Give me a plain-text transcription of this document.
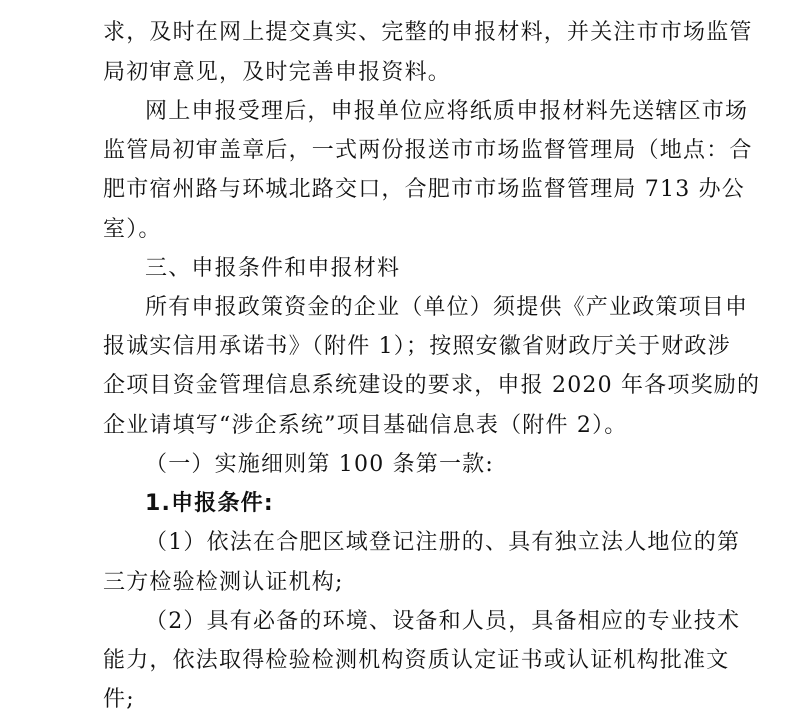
求，及时在网上提交真实、完整的申报材料，并关注市市场监管
局初审意见，及时完善申报资料。
网上申报受理后，申报单位应将纸质申报材料先送辖区市场
监管局初审盖章后，一式两份报送市市场监督管理局（地点：合
肥市宿州路与环城北路交口，合肥市市场监督管理局 713 办公
室）。
三、申报条件和申报材料
所有申报政策资金的企业（单位）须提供《产业政策项目申
报诚实信用承诺书》（附件 1）；按照安徽省财政厅关于财政涉
企项目资金管理信息系统建设的要求，申报 2020 年各项奖励的
企业请填写“涉企系统”项目基础信息表（附件 2）。
（一）实施细则第 100 条第一款:
1.申报条件:
（1）依法在合肥区域登记注册的、具有独立法人地位的第
三方检验检测认证机构;
（2）具有必备的环境、设备和人员，具备相应的专业技术
能力，依法取得检验检测机构资质认定证书或认证机构批准文
件;
